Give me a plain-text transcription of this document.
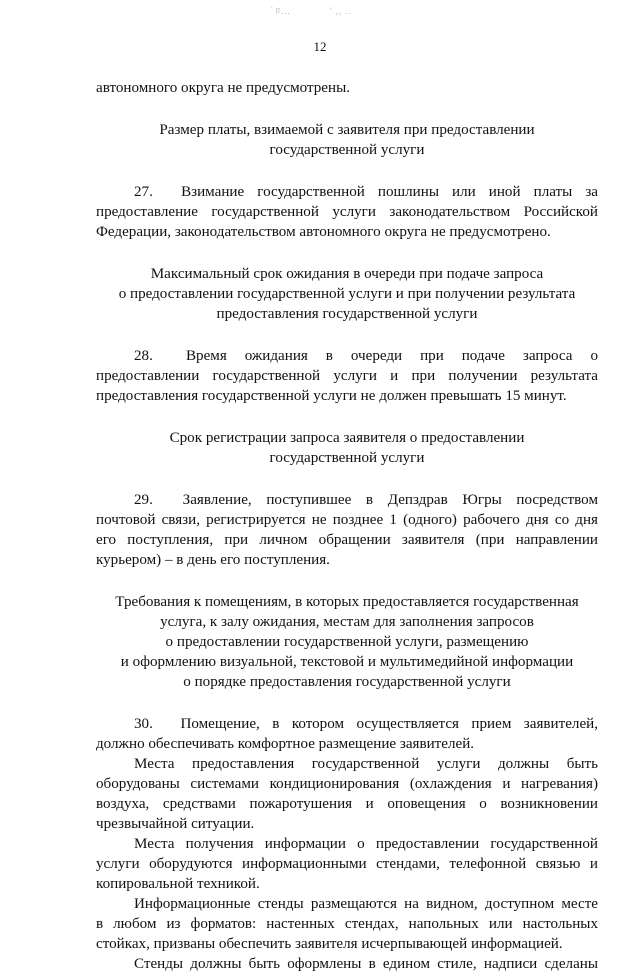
ﾞﾛ...	' ,, ..
12
автономного округа не предусмотрены.
Размер платы, взимаемой с заявителя при предоставлении
государственной услуги
27. Взимание государственной пошлины или иной платы за
предоставление государственной услуги законодательством Российской
Федерации, законодательством автономного округа не предусмотрено.
Максимальный срок ожидания в очереди при подаче запроса
о предоставлении государственной услуги и при получении результата
предоставления государственной услуги
28. Время ожидания в очереди при подаче запроса о
предоставлении государственной услуги и при получении результата
предоставления государственной услуги не должен превышать 15 минут.
Срок регистрации запроса заявителя о предоставлении
государственной услуги
29. Заявление, поступившее в Депздрав Югры посредством
почтовой связи, регистрируется не позднее 1 (одного) рабочего дня со дня
его поступления, при личном обращении заявителя (при направлении
курьером) – в день его поступления.
Требования к помещениям, в которых предоставляется государственная
услуга, к залу ожидания, местам для заполнения запросов
о предоставлении государственной услуги, размещению
и оформлению визуальной, текстовой и мультимедийной информации
о порядке предоставления государственной услуги
30. Помещение, в котором осуществляется прием заявителей,
должно обеспечивать комфортное размещение заявителей.
Места предоставления государственной услуги должны быть
оборудованы системами кондиционирования (охлаждения и нагревания)
воздуха, средствами пожаротушения и оповещения о возникновении
чрезвычайной ситуации.
Места получения информации о предоставлении государственной
услуги оборудуются информационными стендами, телефонной связью и
копировальной техникой.
Информационные стенды размещаются на видном, доступном месте
в любом из форматов: настенных стендах, напольных или настольных
стойках, призваны обеспечить заявителя исчерпывающей информацией.
Стенды должны быть оформлены в едином стиле, надписи сделаны
